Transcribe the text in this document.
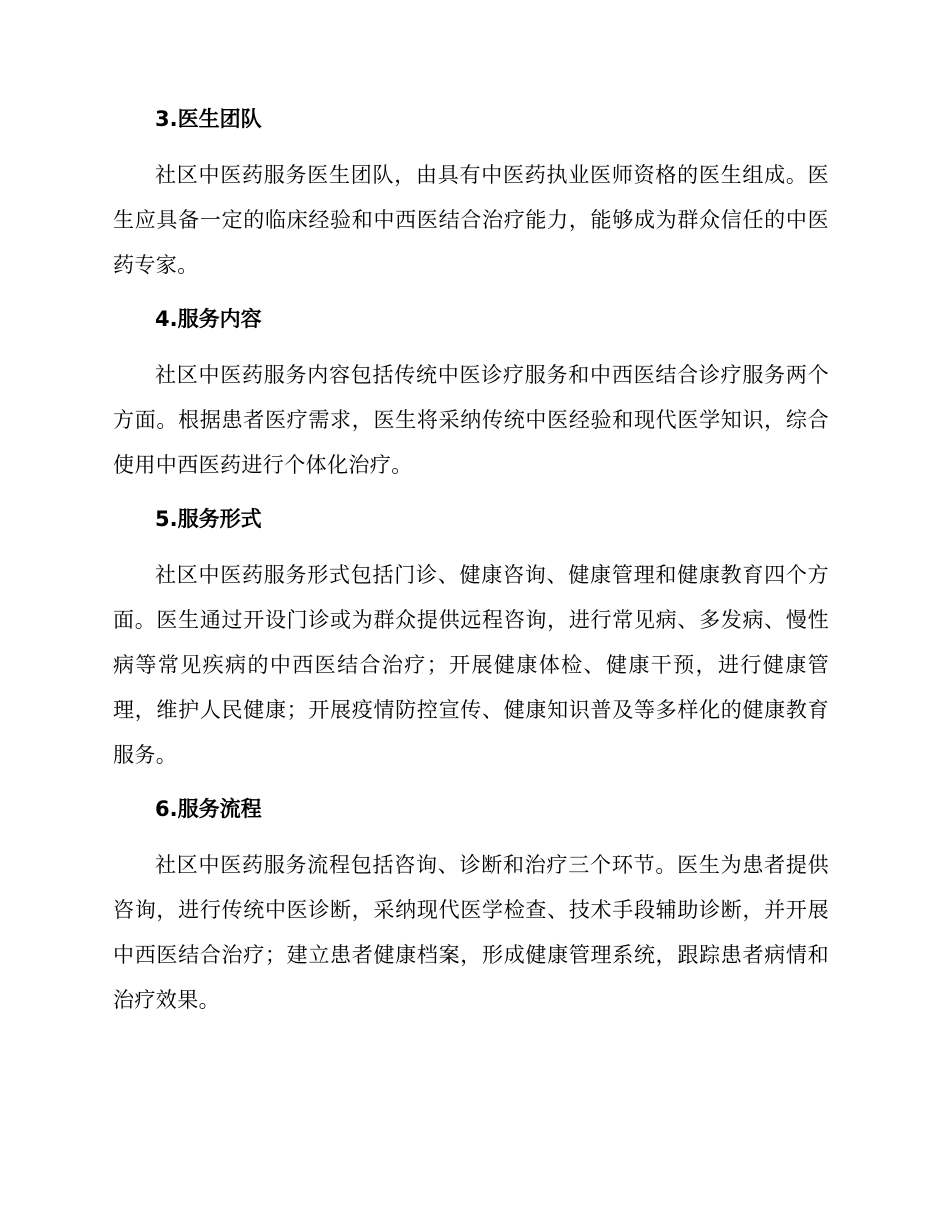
3.医生团队

社区中医药服务医生团队，由具有中医药执业医师资格的医生组成。医生应具备一定的临床经验和中西医结合治疗能力，能够成为群众信任的中医药专家。

4.服务内容

社区中医药服务内容包括传统中医诊疗服务和中西医结合诊疗服务两个方面。根据患者医疗需求，医生将采纳传统中医经验和现代医学知识，综合使用中西医药进行个体化治疗。

5.服务形式

社区中医药服务形式包括门诊、健康咨询、健康管理和健康教育四个方面。医生通过开设门诊或为群众提供远程咨询，进行常见病、多发病、慢性病等常见疾病的中西医结合治疗；开展健康体检、健康干预，进行健康管理，维护人民健康；开展疫情防控宣传、健康知识普及等多样化的健康教育服务。

6.服务流程

社区中医药服务流程包括咨询、诊断和治疗三个环节。医生为患者提供咨询，进行传统中医诊断，采纳现代医学检查、技术手段辅助诊断，并开展中西医结合治疗；建立患者健康档案，形成健康管理系统，跟踪患者病情和治疗效果。
